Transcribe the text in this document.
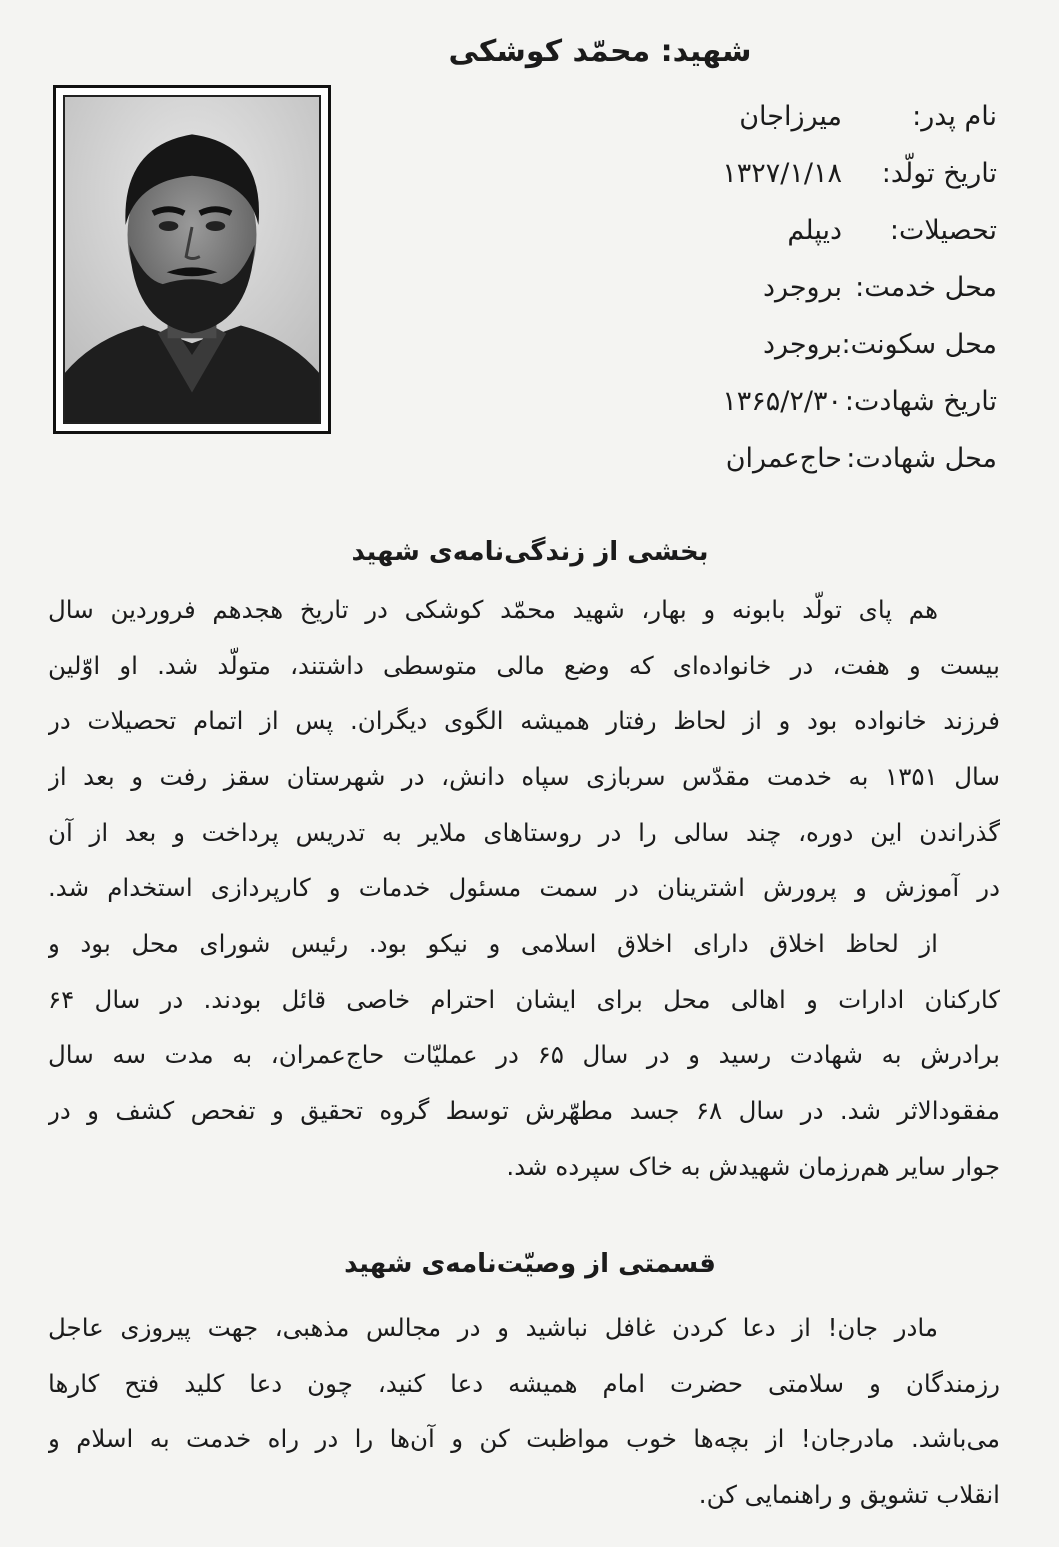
شهید: محمّد کوشکی
نام پدر:
میرزاجان
تاریخ تولّد:
۱۳۲۷/۱/۱۸
تحصیلات:
دیپلم
محل خدمت:
بروجرد
محل سکونت:
بروجرد
تاریخ شهادت:
۱۳۶۵/۲/۳۰
محل شهادت:
حاج‌عمران
بخشی از زندگی‌نامه‌ی شهید
هم پای تولّد بابونه و بهار، شهید محمّد کوشکی در تاریخ هجدهم فروردین سال
بیست و هفت، در خانواده‌ای که وضع مالی متوسطی داشتند، متولّد شد. او اوّلین
فرزند خانواده بود و از لحاظ رفتار همیشه الگوی دیگران. پس از اتمام تحصیلات در
سال ۱۳۵۱ به خدمت مقدّس سربازی سپاه دانش، در شهرستان سقز رفت و بعد از
گذراندن این دوره، چند سالی را در روستاهای ملایر به تدریس پرداخت و بعد از آن
در آموزش و پرورش اشترینان در سمت مسئول خدمات و کارپردازی استخدام شد.
از لحاظ اخلاق دارای اخلاق اسلامی و نیکو بود. رئیس شورای محل بود و
کارکنان ادارات و اهالی محل برای ایشان احترام خاصی قائل بودند. در سال ۶۴
برادرش به شهادت رسید و در سال ۶۵ در عملیّات حاج‌عمران، به مدت سه سال
مفقودالاثر شد. در سال ۶۸ جسد مطهّرش توسط گروه تحقیق و تفحص کشف و در
جوار سایر هم‌رزمان شهیدش به خاک سپرده شد.
قسمتی از وصیّت‌نامه‌ی شهید
مادر جان! از دعا کردن غافل نباشید و در مجالس مذهبی، جهت پیروزی عاجل
رزمندگان و سلامتی حضرت امام همیشه دعا کنید، چون دعا کلید فتح کارها
می‌باشد. مادرجان! از بچه‌ها خوب مواظبت کن و آن‌ها را در راه خدمت به اسلام و
انقلاب تشویق و راهنمایی کن.
